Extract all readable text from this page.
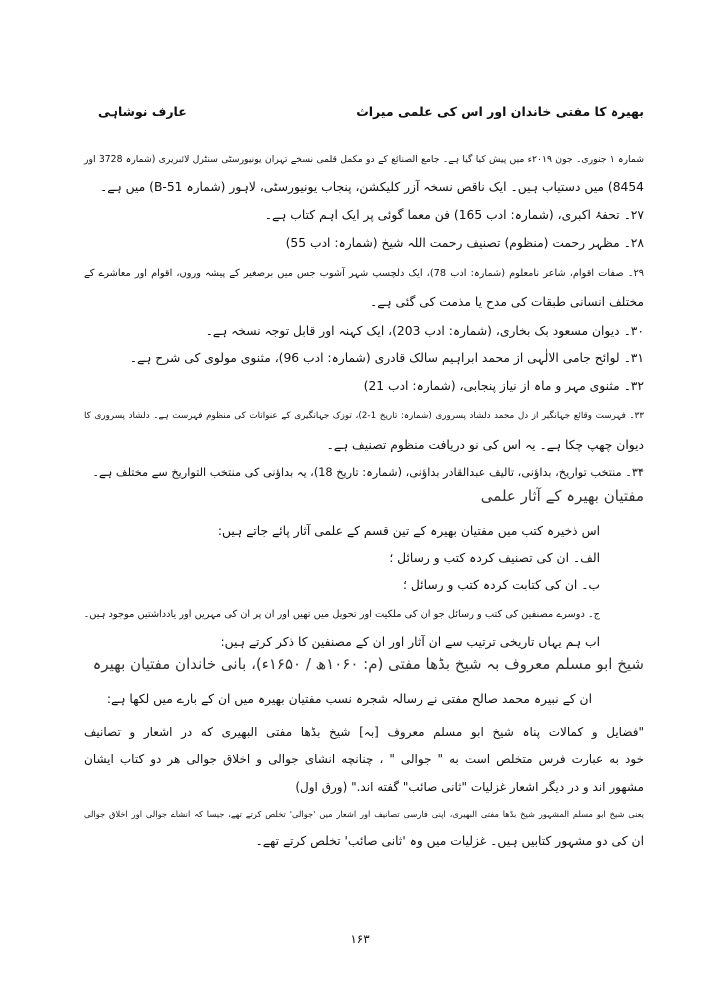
بھیرہ کا مفتی خاندان اور اس کی علمی میراث
عارف نوشاہی
شمارہ ۱ جنوری۔ جون ۲۰۱۹ء میں پیش کیا گیا ہے۔ جامع الصنائع کے دو مکمل قلمی نسخے تہران یونیورسٹی سنٹرل لائبریری (شمارہ 3728 اور
8454) میں دستیاب ہیں۔ ایک ناقص نسخہ آزر کلیکشن، پنجاب یونیورسٹی، لاہور (شمارہ 51-B) میں ہے۔
۲۷۔ تحفۂ اکبری، (شمارہ: ادب 165) فن معما گوئی پر ایک اہم کتاب ہے۔
۲۸۔ مظہر رحمت (منظوم) تصنیف رحمت اللہ شیخ (شمارہ: ادب 55)
۲۹۔ صفات اقوام، شاعر نامعلوم (شمارہ: ادب 78)، ایک دلچسپ شہر آشوب جس میں برصغیر کے پیشہ وروں، اقوام اور معاشرے کے
مختلف انسانی طبقات کی مدح یا مذمت کی گئی ہے۔
۳۰۔ دیوان مسعود بک بخاری، (شمارہ: ادب 203)، ایک کہنہ اور قابل توجہ نسخہ ہے۔
۳۱۔ لوائح جامی الالٰہی از محمد ابراہیم سالک قادری (شمارہ: ادب 96)، مثنوی مولوی کی شرح ہے۔
۳۲۔ مثنوی مہر و ماہ از نیاز پنجابی، (شمارہ: ادب 21)
۳۳۔ فہرست وقائع جہانگیر از دل محمد دلشاد پسروری (شمارہ: تاریخ 1-2)، توزک جہانگیری کے عنوانات کی منظوم فہرست ہے۔ دلشاد پسروری کا
دیوان چھپ چکا ہے۔ یہ اس کی نو دریافت منظوم تصنیف ہے۔
۳۴۔ منتخب تواریخ، بداؤنی، تالیف عبدالقادر بداؤنی، (شمارہ: تاریخ 18)، یہ بداؤنی کی منتخب التواریخ سے مختلف ہے۔
مفتیان بھیرہ کے آثار علمی
اس ذخیرہ کتب میں مفتیان بھیرہ کے تین قسم کے علمی آثار پائے جاتے ہیں:
الف۔ ان کی تصنیف کردہ کتب و رسائل ؛
ب۔ ان کی کتابت کردہ کتب و رسائل ؛
ج۔ دوسرے مصنفین کی کتب و رسائل جو ان کی ملکیت اور تحویل میں تھیں اور ان پر ان کی مہریں اور یادداشتیں موجود ہیں۔
اب ہم یہاں تاریخی ترتیب سے ان آثار اور ان کے مصنفین کا ذکر کرتے ہیں:
شیخ ابو مسلم معروف بہ شیخ بڈھا مفتی (م: ۱۰۶۰ھ / ۱۶۵۰ء)، بانی خاندان مفتیان بھیرہ
ان کے نبیرہ محمد صالح مفتی نے رسالہ شجرہ نسب مفتیان بھیرہ میں ان کے بارے میں لکھا ہے:
"فضایل و کمالات پناہ شیخ ابو مسلم معروف [بہ] شیخ بڈھا مفتی البھیری که در اشعار و تصانیف
خود به عبارت فرس متخلص است به " جوالی " ، چنانچه انشای جوالی و اخلاق جوالی هر دو کتاب ایشان
مشهور اند و در دیگر اشعار غزلیات "ثانی صائب" گفته اند." (ورق اول)
یعنی شیخ ابو مسلم المشہور شیخ بڈھا مفتی البھیری، اپنی فارسی تصانیف اور اشعار میں 'جوالی' تخلص کرتے تھے، جیسا کہ انشاے جوالی اور اخلاق جوالی
ان کی دو مشہور کتابیں ہیں۔ غزلیات میں وہ 'ثانی صائب' تخلص کرتے تھے۔
۱۶۳
